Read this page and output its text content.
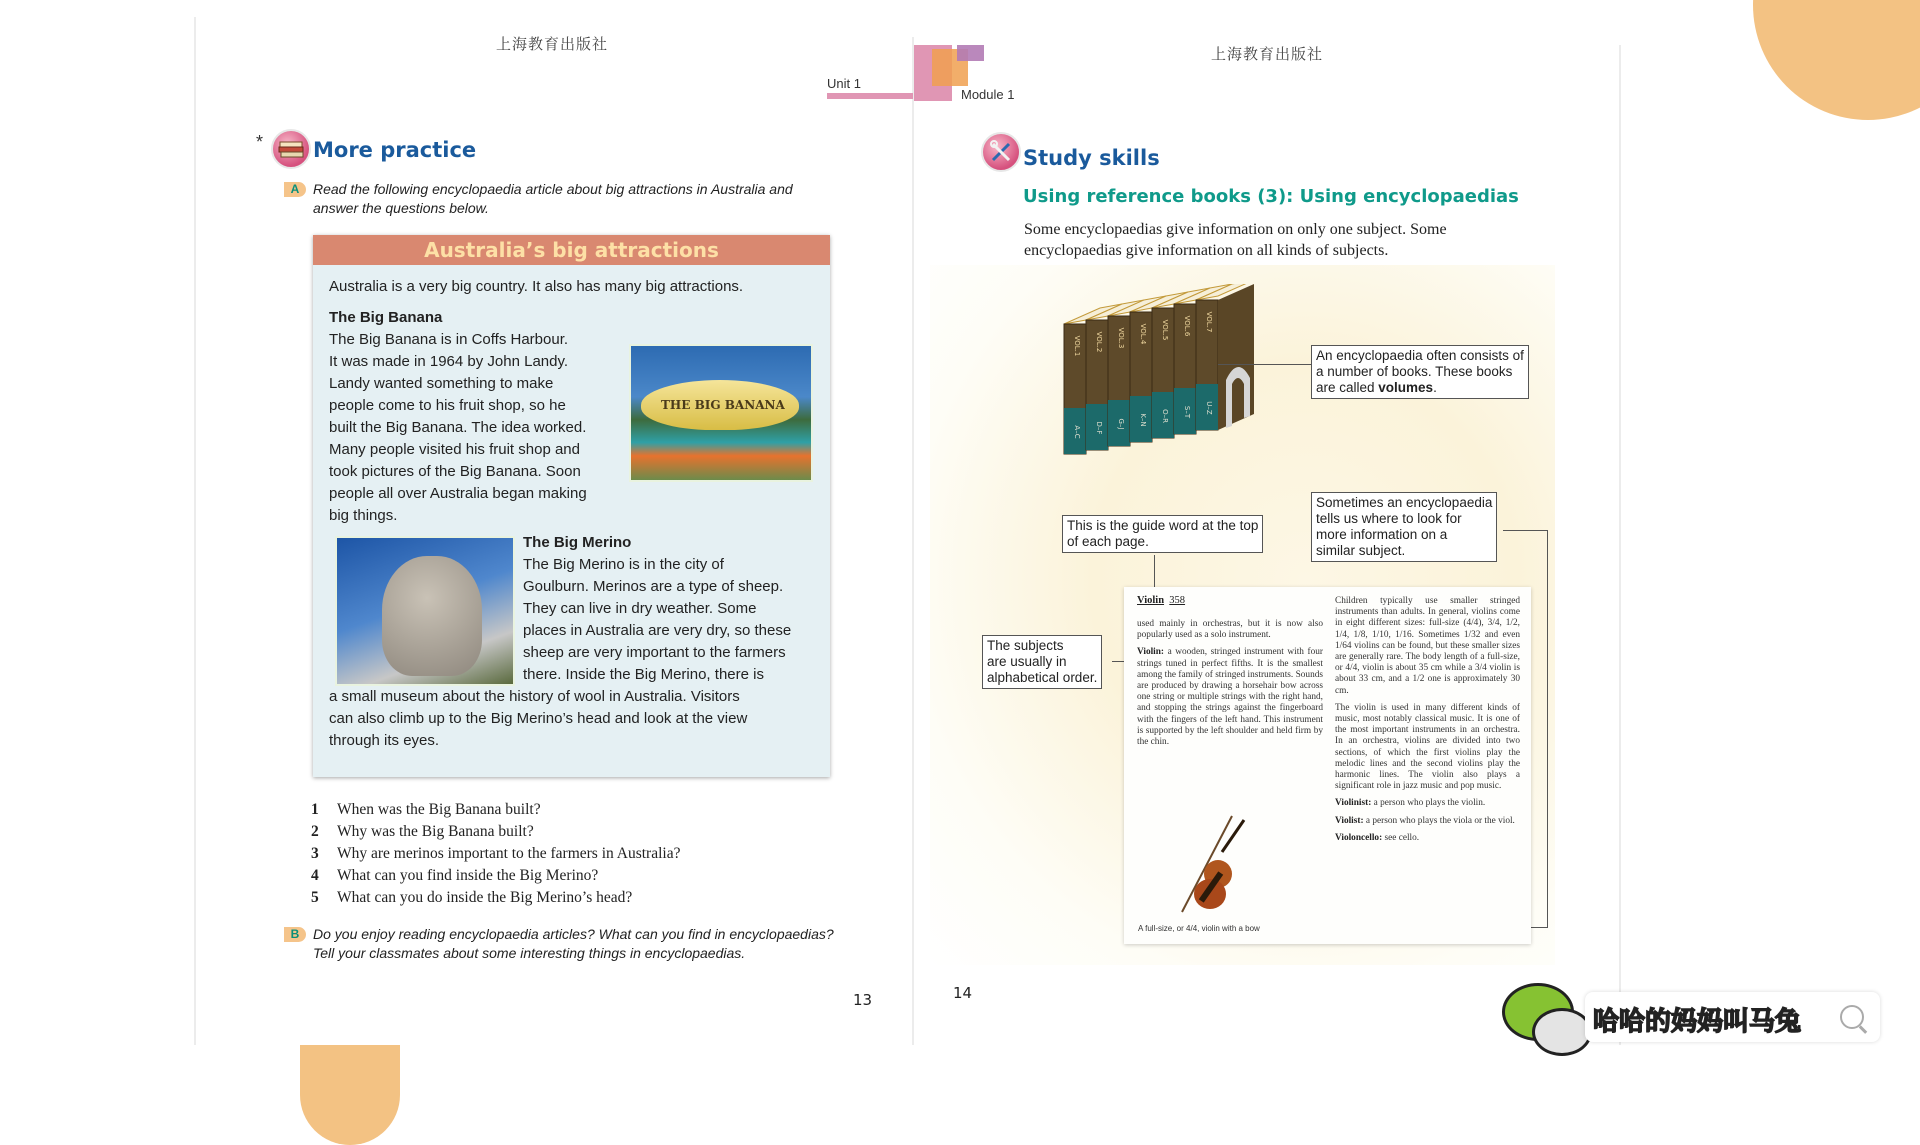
上海教育出版社
Unit 1
* More practice
A Read the following encyclopaedia article about big attractions in Australia and
answer the questions below.
Australia’s big attractions
Australia is a very big country. It also has many big attractions.
The Big Banana
The Big Banana is in Coffs Harbour.
It was made in 1964 by John Landy.
Landy wanted something to make
people come to his fruit shop, so he
built the Big Banana. The idea worked.
Many people visited his fruit shop and
took pictures of the Big Banana. Soon
people all over Australia began making
big things.
THE BIG BANANA
The Big Merino
The Big Merino is in the city of
Goulburn. Merinos are a type of sheep.
They can live in dry weather. Some
places in Australia are very dry, so these
sheep are very important to the farmers
there. Inside the Big Merino, there is
a small museum about the history of wool in Australia. Visitors
can also climb up to the Big Merino’s head and look at the view
through its eyes.
1 When was the Big Banana built?
2 Why was the Big Banana built?
3 Why are merinos important to the farmers in Australia?
4 What can you find inside the Big Merino?
5 What can you do inside the Big Merino’s head?
B Do you enjoy reading encyclopaedia articles? What can you find in encyclopaedias?
Tell your classmates about some interesting things in encyclopaedias.
13
Module 1
上海教育出版社
Study skills
Using reference books (3): Using encyclopaedias
Some encyclopaedias give information on only one subject. Some
encyclopaedias give information on all kinds of subjects.
VOL.1
A–C
VOL.2
D–F
VOL.3
G–J
VOL.4
K–N
VOL.5
O–R
VOL.6
S–T
VOL.7
U–Z
An encyclopaedia often consists of
a number of books. These books
are called volumes.
This is the guide word at the top
of each page.
Sometimes an encyclopaedia
tells us where to look for
more information on a
similar subject.
The subjects
are usually in
alphabetical order.
Violin 358

used mainly in orchestras, but it is now also popularly used as a solo instrument.

Violin: a wooden, stringed instrument with four strings tuned in perfect fifths. It is the smallest among the family of stringed instruments. Sounds are produced by drawing a horsehair bow across one string or multiple strings with the right hand, and stopping the strings against the fingerboard with the fingers of the left hand. This instrument is supported by the left shoulder and held firm by the chin.

A full-size, or 4/4, violin with a bow

Children typically use smaller stringed instruments than adults. In general, violins come in eight different sizes: full-size (4/4), 3/4, 1/2, 1/4, 1/8, 1/10, 1/16. Sometimes 1/32 and even 1/64 violins can be found, but these smaller sizes are generally rare. The body length of a full-size, or 4/4, violin is about 35 cm while a 3/4 violin is about 33 cm, and a 1/2 one is approximately 30 cm.

The violin is used in many different kinds of music, most notably classical music. It is one of the most important instruments in an orchestra. In an orchestra, violins are divided into two sections, of which the first violins play the melodic lines and the second violins play the harmonic lines. The violin also plays a significant role in jazz music and pop music.

Violinist: a person who plays the violin.

Violist: a person who plays the viola or the viol.

Violoncello: see cello.

14
哈哈的妈妈叫马兔
